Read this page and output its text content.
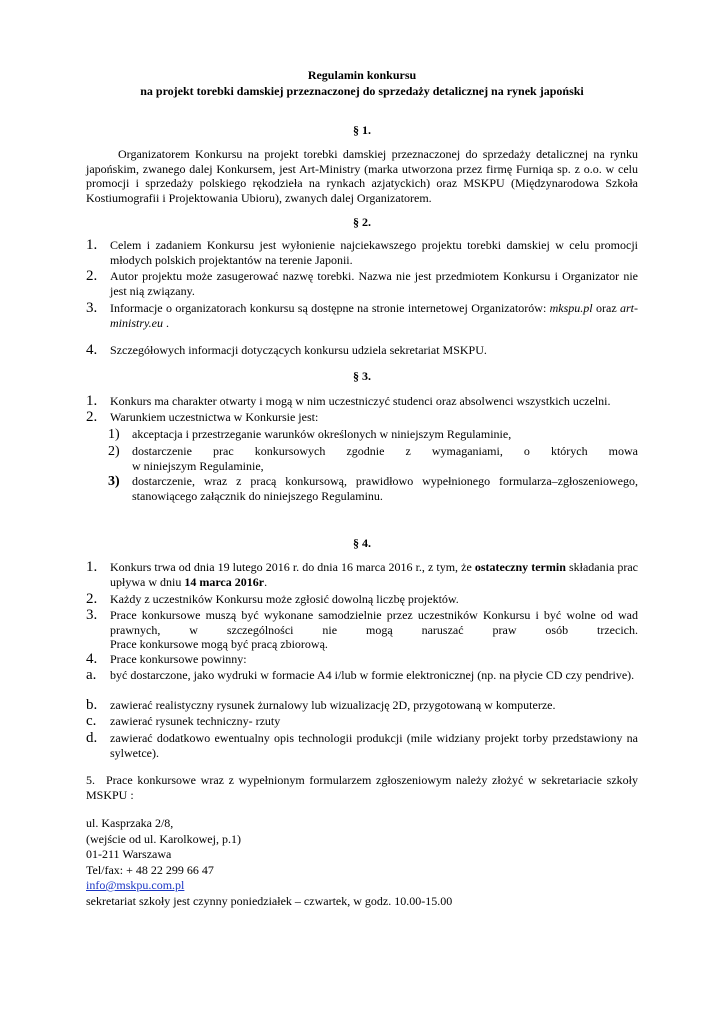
Regulamin konkursu
na projekt torebki damskiej przeznaczonej do sprzedaży detalicznej na rynek japoński
§ 1.
Organizatorem Konkursu na projekt torebki damskiej przeznaczonej do sprzedaży detalicznej na rynku japońskim, zwanego dalej Konkursem, jest Art-Ministry (marka utworzona przez firmę Furniqa sp. z o.o. w celu promocji i sprzedaży polskiego rękodzieła na rynkach azjatyckich) oraz MSKPU (Międzynarodowa Szkoła Kostiumografii i Projektowania Ubioru), zwanych dalej Organizatorem.
§ 2.
1. Celem i zadaniem Konkursu jest wyłonienie najciekawszego projektu torebki damskiej w celu promocji młodych polskich projektantów na terenie Japonii.
2. Autor projektu może zasugerować nazwę torebki. Nazwa nie jest przedmiotem Konkursu i Organizator nie jest nią związany.
3. Informacje o organizatorach konkursu są dostępne na stronie internetowej Organizatorów: mkspu.pl oraz art-ministry.eu .
4. Szczegółowych informacji dotyczących konkursu udziela sekretariat MSKPU.
§ 3.
1. Konkurs ma charakter otwarty i mogą w nim uczestniczyć studenci oraz absolwenci wszystkich uczelni.
2. Warunkiem uczestnictwa w Konkursie jest:
1) akceptacja i przestrzeganie warunków określonych w niniejszym Regulaminie,
2) dostarczenie prac konkursowych zgodnie z wymaganiami, o których mowa
w niniejszym Regulaminie,
3) dostarczenie, wraz z pracą konkursową, prawidłowo wypełnionego formularza–zgłoszeniowego, stanowiącego załącznik do niniejszego Regulaminu.
§ 4.
1. Konkurs trwa od dnia 19 lutego 2016 r. do dnia 16 marca 2016 r., z tym, że ostateczny termin składania prac upływa w dniu 14 marca 2016r.
2. Każdy z uczestników Konkursu może zgłosić dowolną liczbę projektów.
3. Prace konkursowe muszą być wykonane samodzielnie przez uczestników Konkursu i być wolne od wad
prawnych, w szczególności nie mogą naruszać praw osób trzecich.
Prace konkursowe mogą być pracą zbiorową.
4. Prace konkursowe powinny:
a. być dostarczone, jako wydruki w formacie A4 i/lub w formie elektronicznej (np. na płycie CD czy pendrive).
b. zawierać realistyczny rysunek żurnalowy lub wizualizację 2D, przygotowaną w komputerze.
c. zawierać rysunek techniczny- rzuty
d. zawierać dodatkowo ewentualny opis technologii produkcji (mile widziany projekt torby przedstawiony na sylwetce).
5. Prace konkursowe wraz z wypełnionym formularzem zgłoszeniowym należy złożyć w sekretariacie szkoły MSKPU :
ul. Kasprzaka 2/8,
(wejście od ul. Karolkowej, p.1)
01-211 Warszawa
Tel/fax: + 48 22 299 66 47
info@mskpu.com.pl
sekretariat szkoły jest czynny poniedziałek – czwartek, w godz. 10.00-15.00
